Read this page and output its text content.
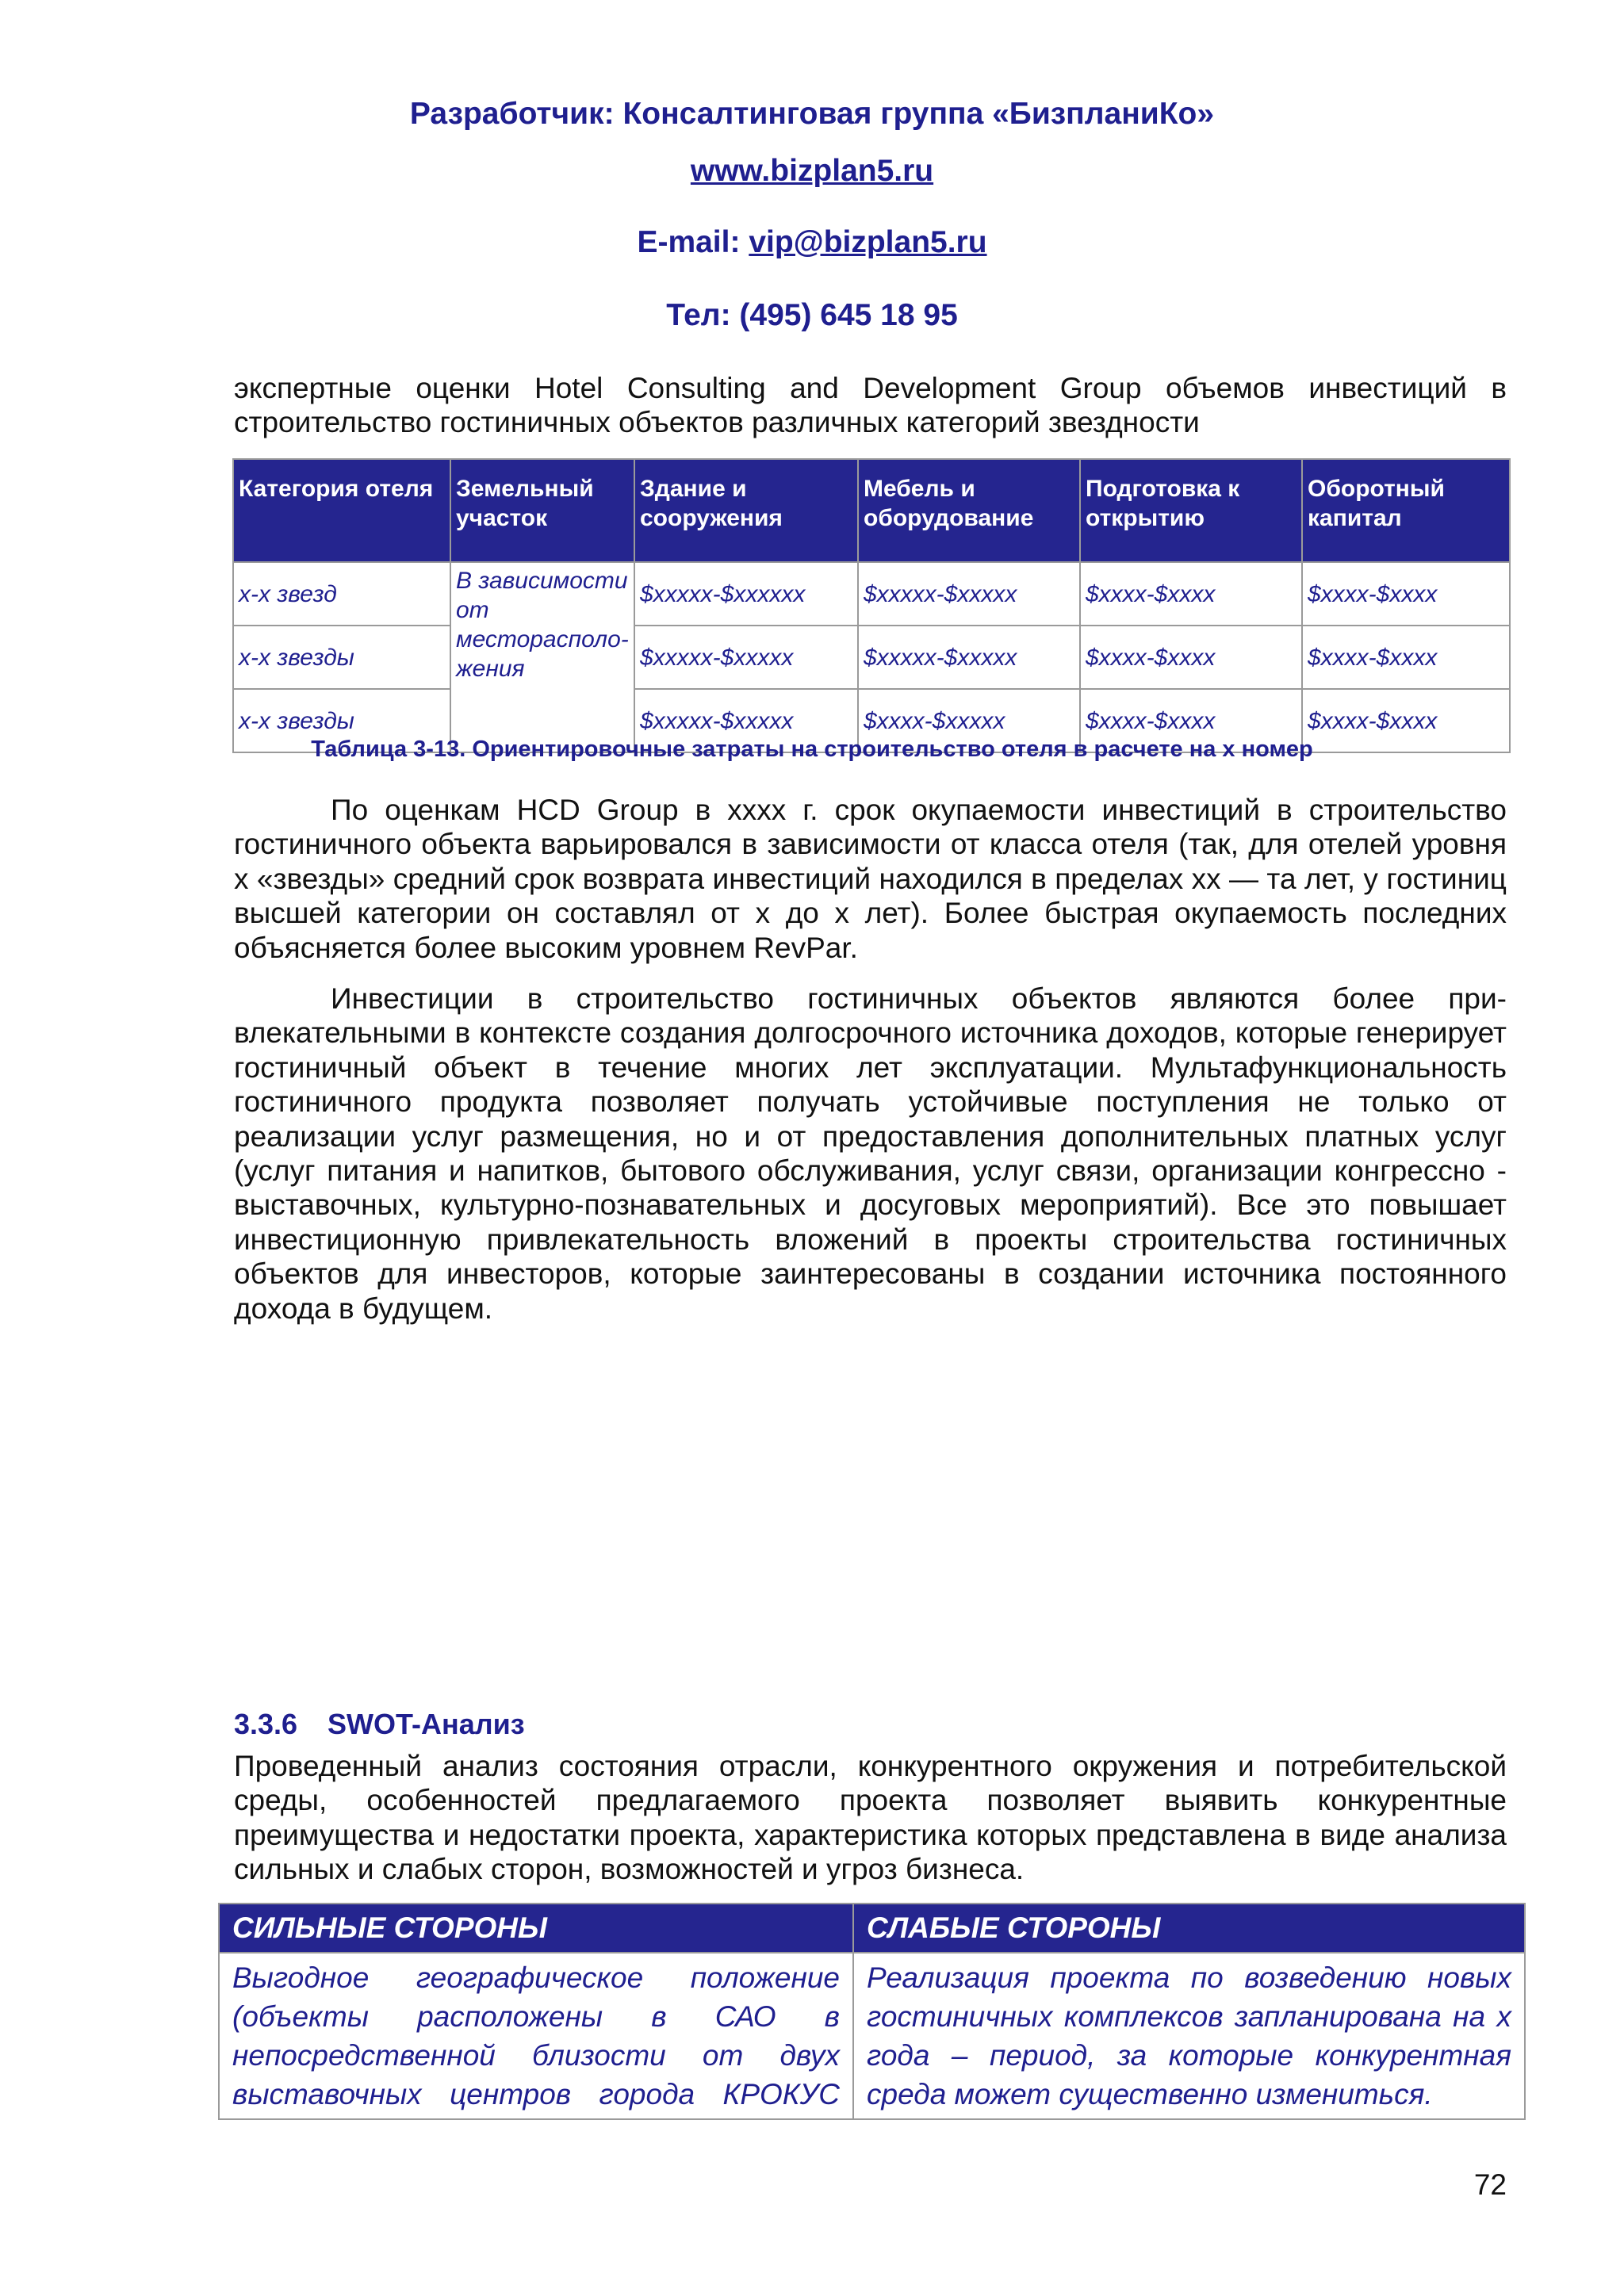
Разработчик: Консалтинговая группа «БизпланиКо»
www.bizplan5.ru
E-mail: vip@bizplan5.ru
Тел: (495) 645 18 95
экспертные оценки Hotel Consulting and Development Group объемов инвестиций в строительство гостиничных объектов различных категорий звездности
Категория отеля	Земельный участок	Здание и сооружения	Мебель и оборудование	Подготовка к открытию	Оборотный капитал
х-х звезд	В зависимости от месторасполо-жения	$ххххх-$хххххх	$ххххх-$ххххх	$хххх-$хххх	$хххх-$хххх
х-х звезды		$ххххх-$ххххх	$ххххх-$ххххх	$хххх-$хххх	$хххх-$хххх
х-х звезды		$ххххх-$ххххх	$хххх-$ххххх	$хххх-$хххх	$хххх-$хххх
Таблица 3-13. Ориентировочные затраты на строительство отеля в расчете на х номер
По оценкам HCD Group в хххх г. срок окупаемости инвестиций в строительство гостиничного объекта варьировался в зависимости от класса отеля (так, для отелей уровня х «звезды» средний срок возврата инвестиций находился в пределах хх — та лет, у гостиниц высшей категории он составлял от х до х лет). Более быстрая окупаемость последних объясняется более высоким уровнем RevPar.
Инвестиции в строительство гостиничных объектов являются более при-влекательными в контексте создания долгосрочного источника доходов, которые генерирует гостиничный объект в течение многих лет эксплуатации. Мультафункциональность гостиничного продукта позволяет получать устойчивые поступления не только от реализации услуг размещения, но и от предоставления дополнительных платных услуг (услуг питания и напитков, бытового обслуживания, услуг связи, организации конгрессно - выставочных, культурно-познавательных и досуговых мероприятий). Все это повышает инвестиционную привлекательность вложений в проекты строительства гостиничных объектов для инвесторов, которые заинтересованы в создании источника постоянного дохода в будущем.
3.3.6 SWOT-Анализ
Проведенный анализ состояния отрасли, конкурентного окружения и потребительской среды, особенностей предлагаемого проекта позволяет выявить конкурентные преимущества и недостатки проекта, характеристика которых представлена в виде анализа сильных и слабых сторон, возможностей и угроз бизнеса.
СИЛЬНЫЕ СТОРОНЫ	СЛАБЫЕ СТОРОНЫ
Выгодное географическое положение (объекты расположены в САО в непосредственной близости от двух выставочных центров города КРОКУС	Реализация проекта по возведению новых гостиничных комплексов запланирована на х года – период, за которые конкурентная среда может существенно измениться.
72
